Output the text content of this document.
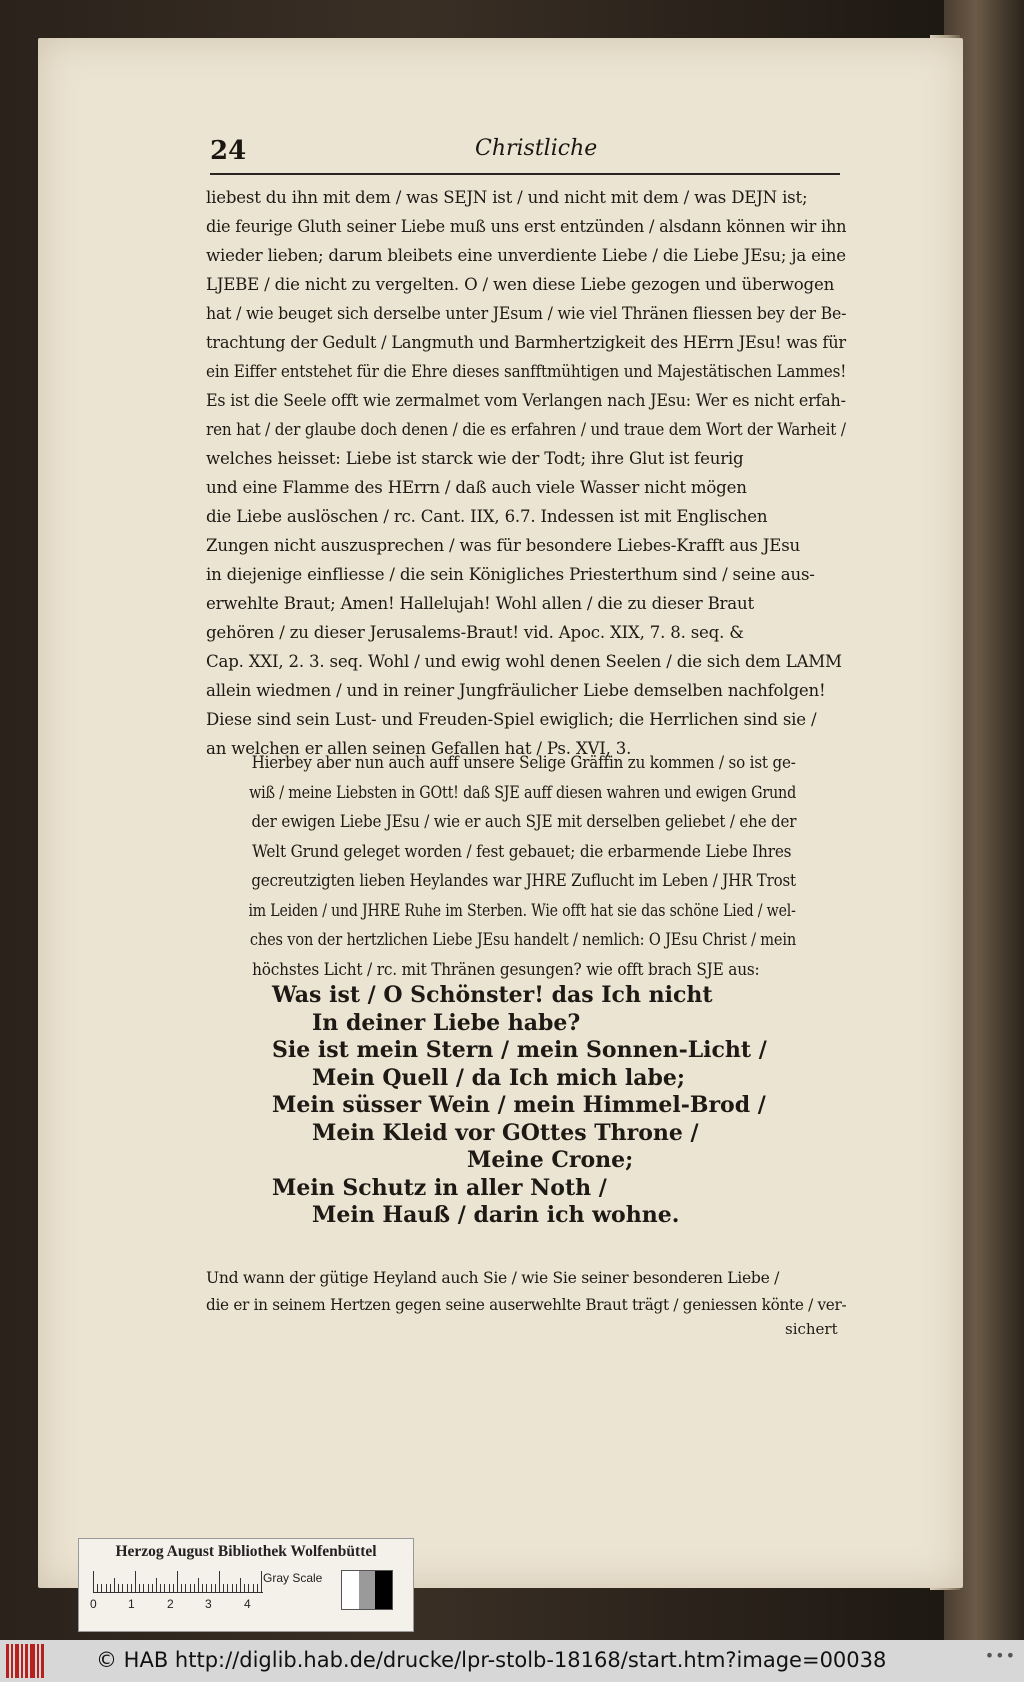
24	Christliche

liebest du ihn mit dem / was SEJN ist / und nicht mit dem / was DEJN ist;

die feurige Gluth seiner Liebe muß uns erst entzünden / alsdann können wir ihn

wieder lieben; darum bleibets eine unverdiente Liebe / die Liebe JEsu; ja eine

LJEBE / die nicht zu vergelten. O / wen diese Liebe gezogen und überwogen

hat / wie beuget sich derselbe unter JEsum / wie viel Thränen fliessen bey der Be-

trachtung der Gedult / Langmuth und Barmhertzigkeit des HErrn JEsu! was für

ein Eiffer entstehet für die Ehre dieses sanfftmühtigen und Majestätischen Lammes!

Es ist die Seele offt wie zermalmet vom Verlangen nach JEsu: Wer es nicht erfah-

ren hat / der glaube doch denen / die es erfahren / und traue dem Wort der Warheit /

welches heisset: Liebe ist starck wie der Todt; ihre Glut ist feurig

und eine Flamme des HErrn / daß auch viele Wasser nicht mögen

die Liebe auslöschen / rc. Cant. IIX, 6.7. Indessen ist mit Englischen

Zungen nicht auszusprechen / was für besondere Liebes-Krafft aus JEsu

in diejenige einfliesse / die sein Königliches Priesterthum sind / seine aus-

erwehlte Braut; Amen! Hallelujah! Wohl allen / die zu dieser Braut

gehören / zu dieser Jerusalems-Braut! vid. Apoc. XIX, 7. 8. seq. &

Cap. XXI, 2. 3. seq. Wohl / und ewig wohl denen Seelen / die sich dem LAMM

allein wiedmen / und in reiner Jungfräulicher Liebe demselben nachfolgen!

Diese sind sein Lust- und Freuden-Spiel ewiglich; die Herrlichen sind sie /

an welchen er allen seinen Gefallen hat / Ps. XVI, 3.

Hierbey aber nun auch auff unsere Selige Gräffin zu kommen / so ist ge-

wiß / meine Liebsten in GOtt! daß SJE auff diesen wahren und ewigen Grund

der ewigen Liebe JEsu / wie er auch SJE mit derselben geliebet / ehe der

Welt Grund geleget worden / fest gebauet; die erbarmende Liebe Ihres

gecreutzigten lieben Heylandes war JHRE Zuflucht im Leben / JHR Trost

im Leiden / und JHRE Ruhe im Sterben. Wie offt hat sie das schöne Lied / wel-

ches von der hertzlichen Liebe JEsu handelt / nemlich: O JEsu Christ / mein

höchstes Licht / rc. mit Thränen gesungen? wie offt brach SJE aus:

Was ist / O Schönster! das Ich nicht
In deiner Liebe habe?
Sie ist mein Stern / mein Sonnen-Licht /
Mein Quell / da Ich mich labe;
Mein süsser Wein / mein Himmel-Brod /
Mein Kleid vor GOttes Throne /
Meine Crone;
Mein Schutz in aller Noth /
Mein Hauß / darin ich wohne.

Und wann der gütige Heyland auch Sie / wie Sie seiner besonderen Liebe /

die er in seinem Hertzen gegen seine auserwehlte Braut trägt / geniessen könte / ver-

sichert
Herzog August Bibliothek Wolfenbüttel
0	1	2	3	4
Gray Scale
© HAB http://diglib.hab.de/drucke/lpr-stolb-18168/start.htm?image=00038	•••
